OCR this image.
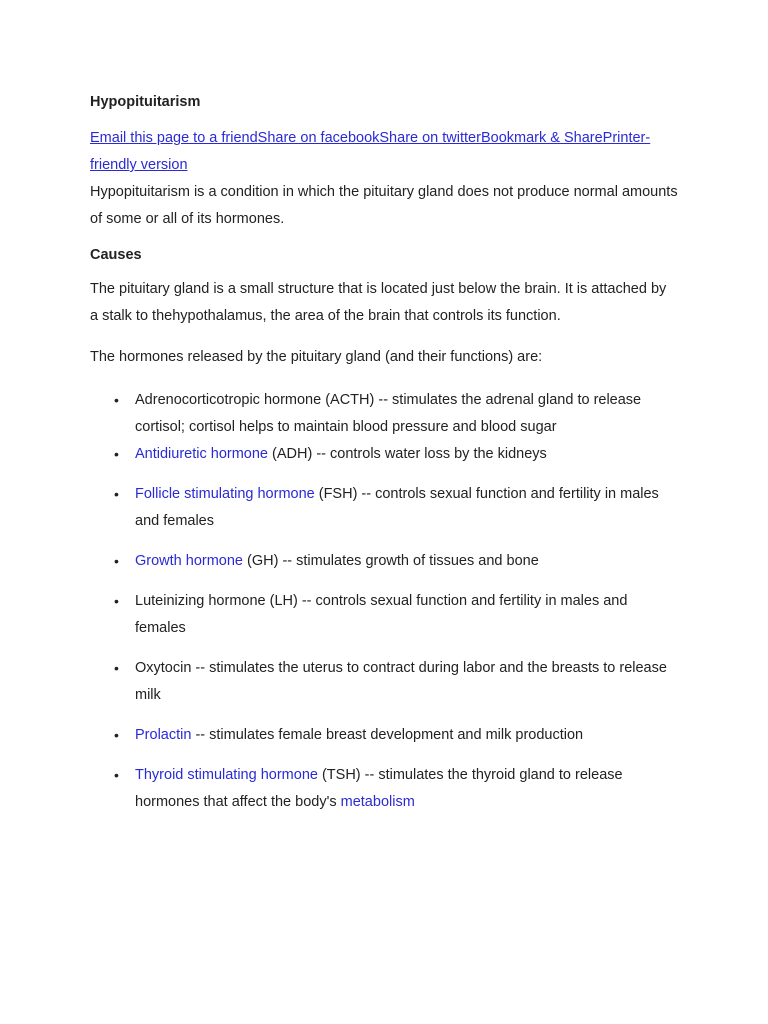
Hypopituitarism
Email this page to a friendShare on facebookShare on twitterBookmark & SharePrinter-friendly version

Hypopituitarism is a condition in which the pituitary gland does not produce normal amounts of some or all of its hormones.

Causes

The pituitary gland is a small structure that is located just below the brain. It is attached by a stalk to thehypothalamus, the area of the brain that controls its function.

The hormones released by the pituitary gland (and their functions) are:

• Adrenocorticotropic hormone (ACTH) -- stimulates the adrenal gland to release cortisol; cortisol helps to maintain blood pressure and blood sugar
• Antidiuretic hormone (ADH) -- controls water loss by the kidneys
• Follicle stimulating hormone (FSH) -- controls sexual function and fertility in males and females
• Growth hormone (GH) -- stimulates growth of tissues and bone
• Luteinizing hormone (LH) -- controls sexual function and fertility in males and females
• Oxytocin -- stimulates the uterus to contract during labor and the breasts to release milk
• Prolactin -- stimulates female breast development and milk production
• Thyroid stimulating hormone (TSH) -- stimulates the thyroid gland to release hormones that affect the body's metabolism
